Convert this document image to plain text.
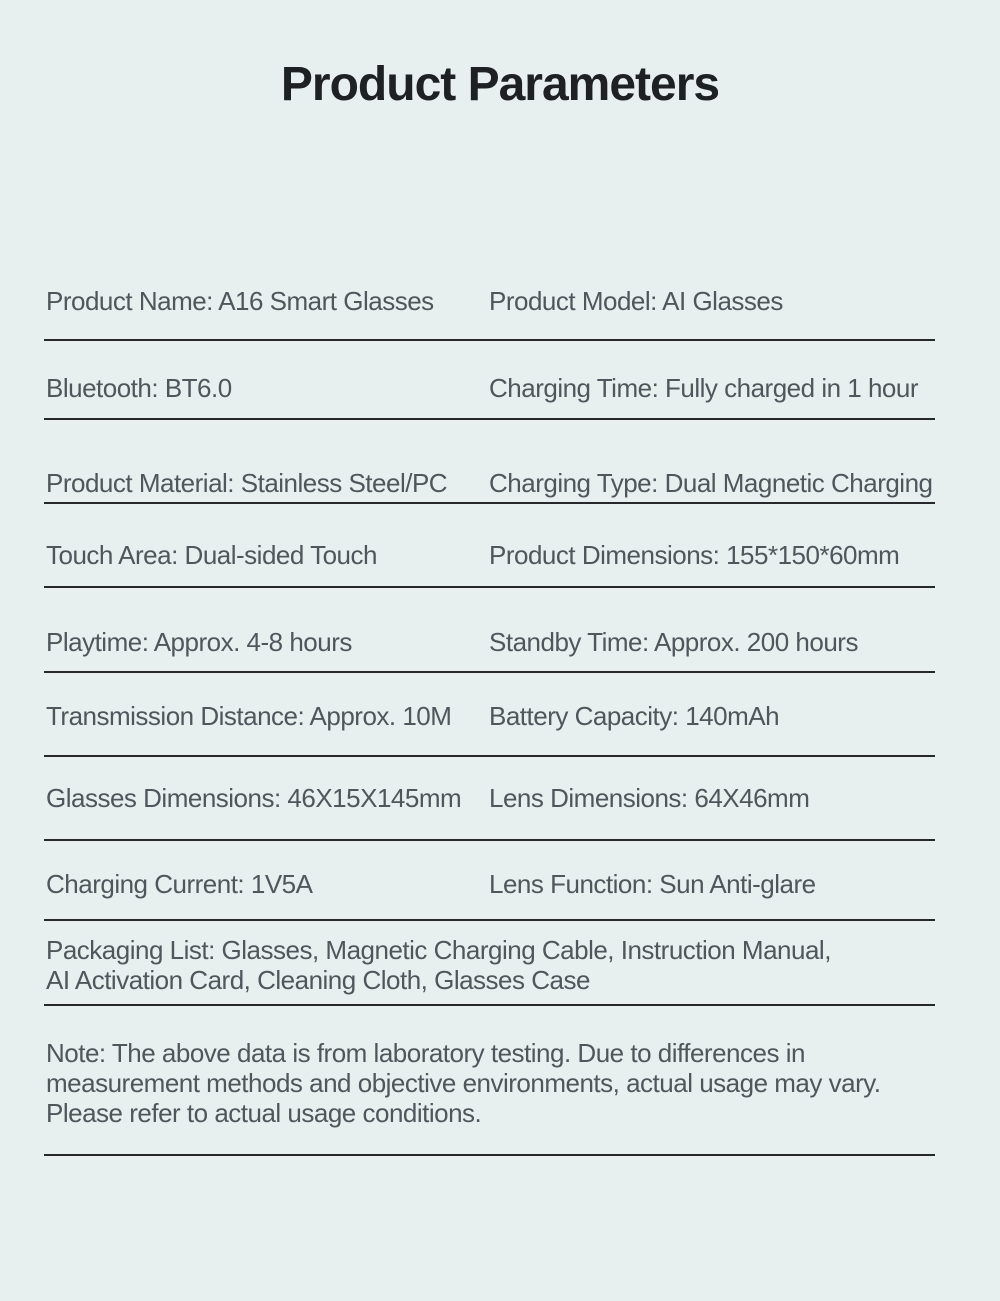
Product Parameters
Product Name: A16 Smart Glasses Product Model: AI Glasses
Bluetooth: BT6.0	Charging Time: Fully charged in 1 hour
Product Material: Stainless Steel/PC Charging Type: Dual Magnetic Charging
Touch Area: Dual-sided Touch	Product Dimensions: 155*150*60mm
Playtime: Approx. 4-8 hours	Standby Time: Approx. 200 hours
Transmission Distance: Approx. 10M Battery Capacity: 140mAh
Glasses Dimensions: 46X15X145mm Lens Dimensions: 64X46mm
Charging Current: 1V5A	Lens Function: Sun Anti-glare
Packaging List: Glasses, Magnetic Charging Cable, Instruction Manual,
AI Activation Card, Cleaning Cloth, Glasses Case
Note: The above data is from laboratory testing. Due to differences in
measurement methods and objective environments, actual usage may vary.
Please refer to actual usage conditions.
